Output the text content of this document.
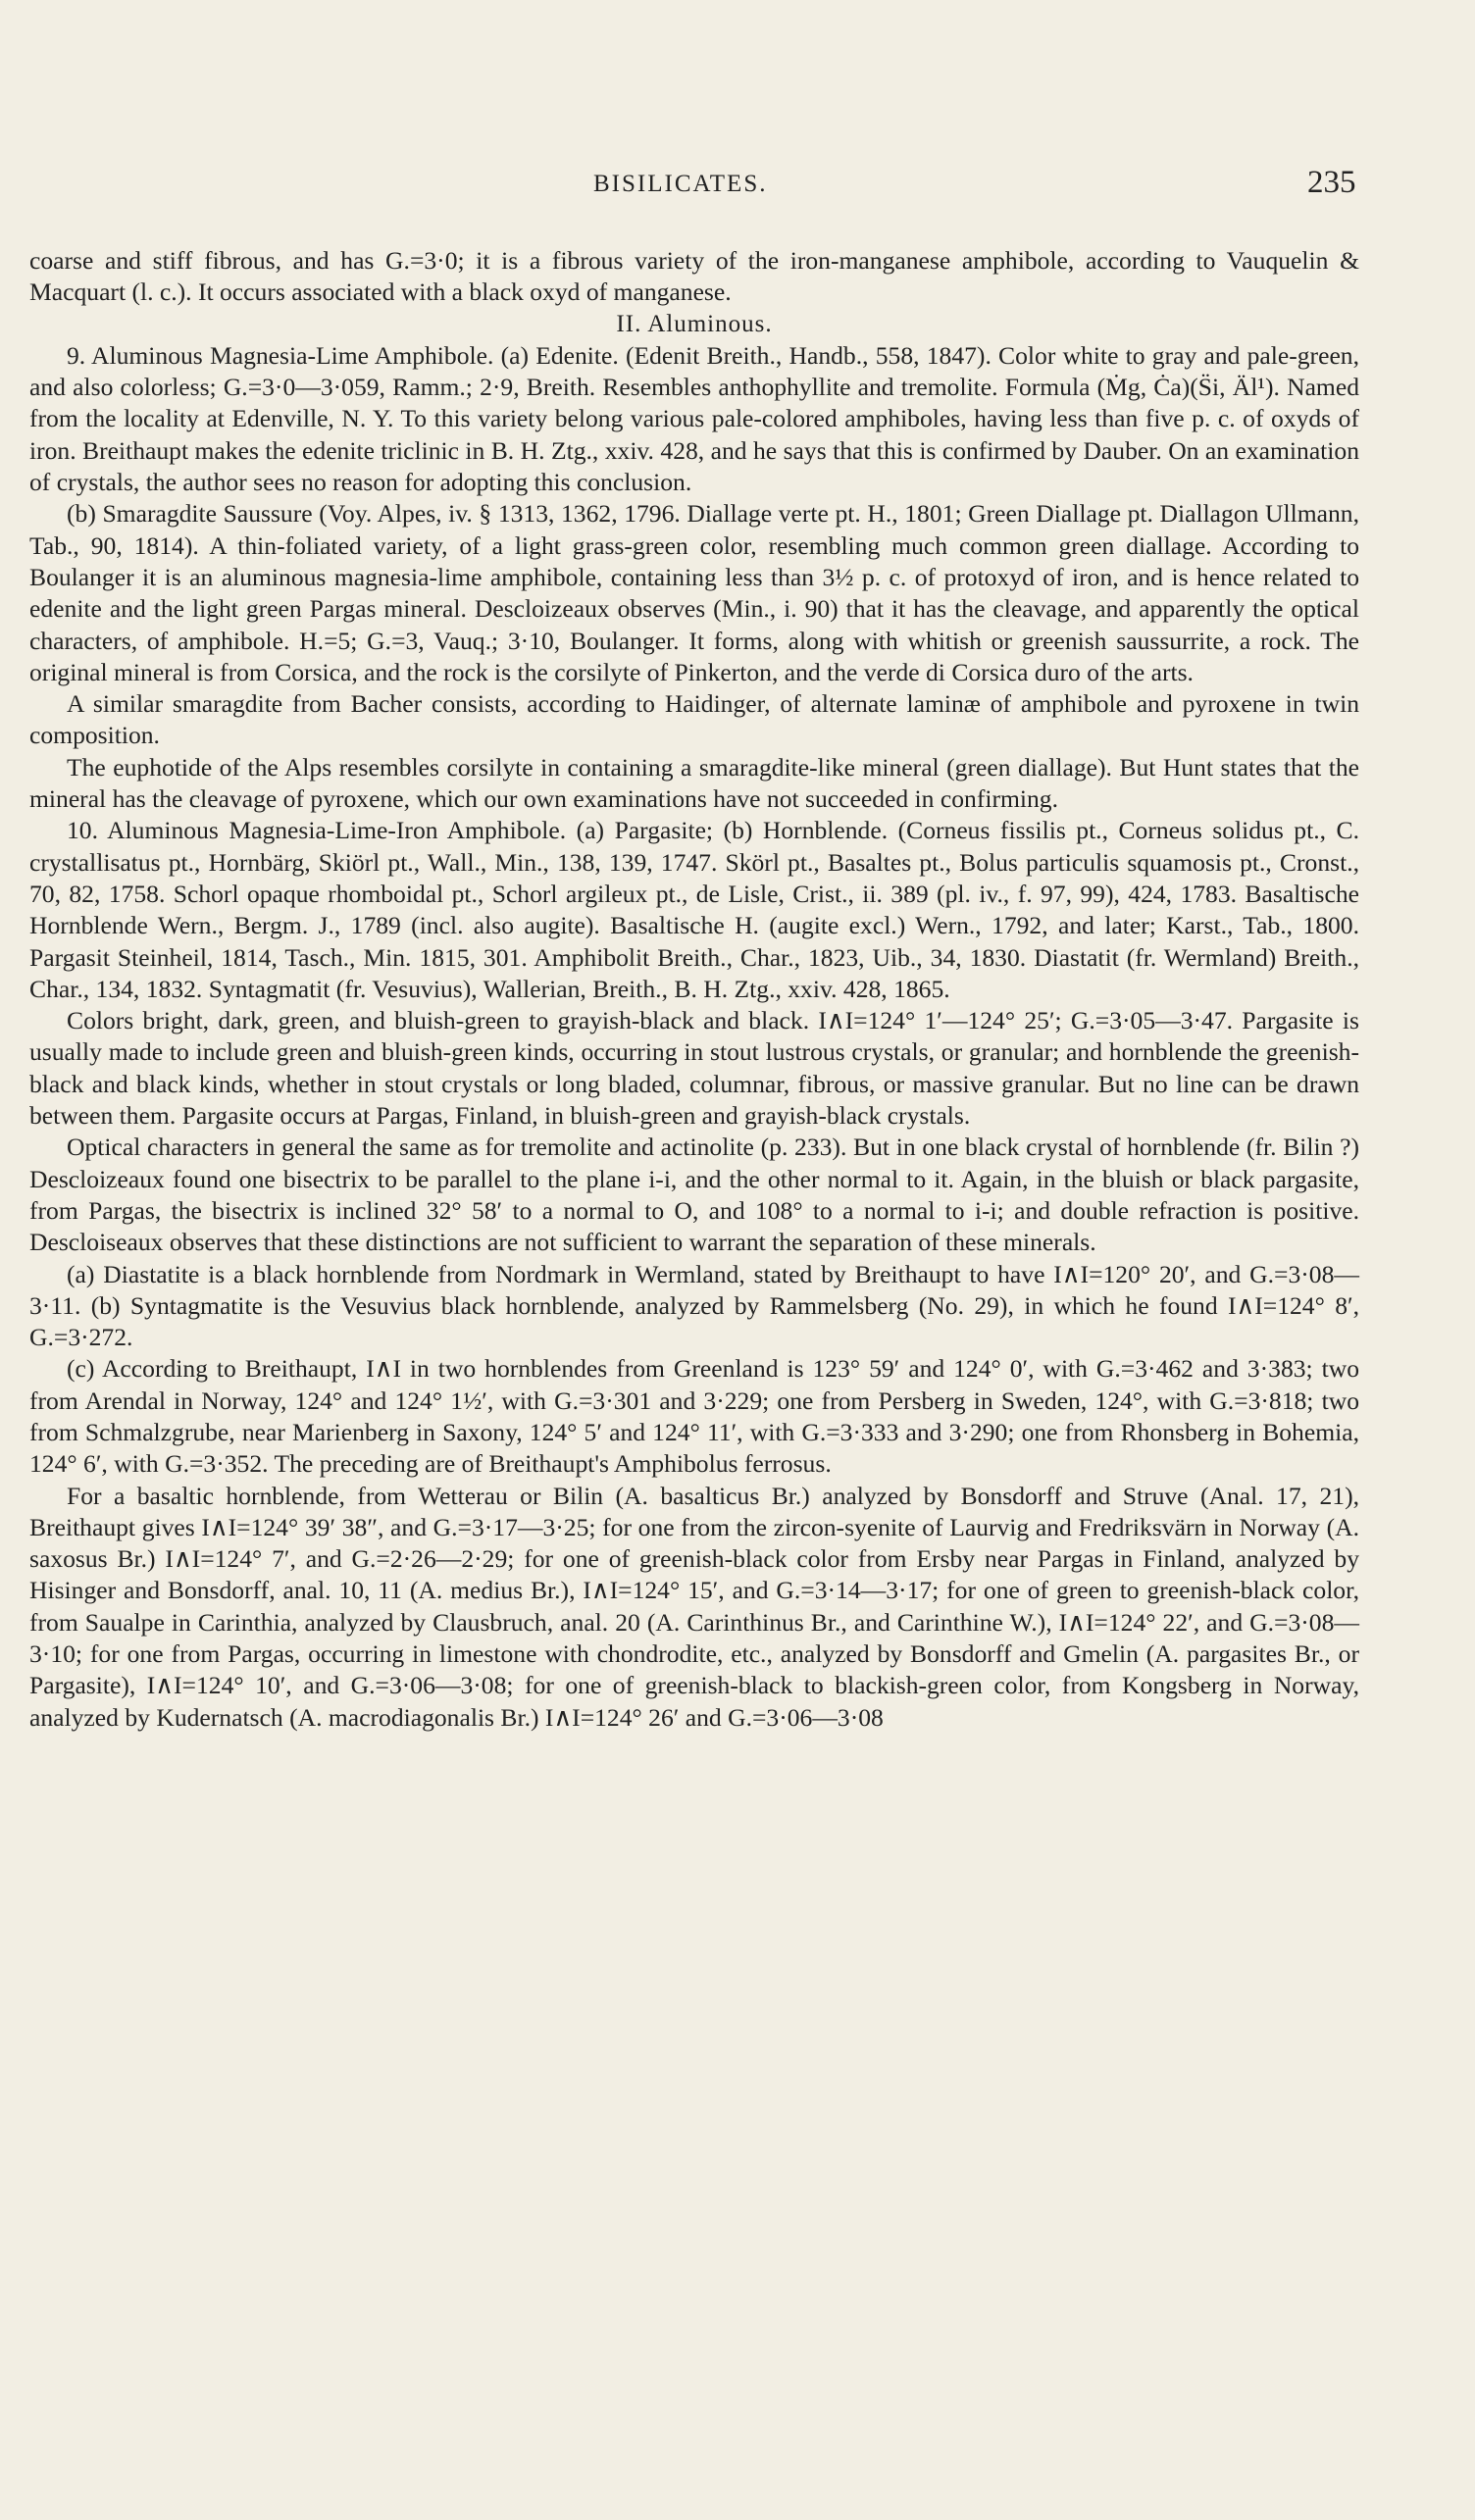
BISILICATES.	235

coarse and stiff fibrous, and has G.=3·0; it is a fibrous variety of the iron-manganese amphibole, according to Vauquelin & Macquart (l. c.). It occurs associated with a black oxyd of manganese.

II. Aluminous.

9. Aluminous Magnesia-Lime Amphibole. (a) Edenite. (Edenit Breith., Handb., 558, 1847). Color white to gray and pale-green, and also colorless; G.=3·0—3·059, Ramm.; 2·9, Breith. Resembles anthophyllite and tremolite. Formula (Ṁg, Ċa)(S̈i, Äl¹). Named from the locality at Edenville, N. Y. To this variety belong various pale-colored amphiboles, having less than five p. c. of oxyds of iron. Breithaupt makes the edenite triclinic in B. H. Ztg., xxiv. 428, and he says that this is confirmed by Dauber. On an examination of crystals, the author sees no reason for adopting this conclusion.

(b) Smaragdite Saussure (Voy. Alpes, iv. § 1313, 1362, 1796. Diallage verte pt. H., 1801; Green Diallage pt. Diallagon Ullmann, Tab., 90, 1814). A thin-foliated variety, of a light grass-green color, resembling much common green diallage. According to Boulanger it is an aluminous magnesia-lime amphibole, containing less than 3½ p. c. of protoxyd of iron, and is hence related to edenite and the light green Pargas mineral. Descloizeaux observes (Min., i. 90) that it has the cleavage, and apparently the optical characters, of amphibole. H.=5; G.=3, Vauq.; 3·10, Boulanger. It forms, along with whitish or greenish saussurrite, a rock. The original mineral is from Corsica, and the rock is the corsilyte of Pinkerton, and the verde di Corsica duro of the arts.

A similar smaragdite from Bacher consists, according to Haidinger, of alternate laminæ of amphibole and pyroxene in twin composition.

The euphotide of the Alps resembles corsilyte in containing a smaragdite-like mineral (green diallage). But Hunt states that the mineral has the cleavage of pyroxene, which our own examinations have not succeeded in confirming.

10. Aluminous Magnesia-Lime-Iron Amphibole. (a) Pargasite; (b) Hornblende. (Corneus fissilis pt., Corneus solidus pt., C. crystallisatus pt., Hornbärg, Skiörl pt., Wall., Min., 138, 139, 1747. Skörl pt., Basaltes pt., Bolus particulis squamosis pt., Cronst., 70, 82, 1758. Schorl opaque rhomboidal pt., Schorl argileux pt., de Lisle, Crist., ii. 389 (pl. iv., f. 97, 99), 424, 1783. Basaltische Hornblende Wern., Bergm. J., 1789 (incl. also augite). Basaltische H. (augite excl.) Wern., 1792, and later; Karst., Tab., 1800. Pargasit Steinheil, 1814, Tasch., Min. 1815, 301. Amphibolit Breith., Char., 1823, Uib., 34, 1830. Diastatit (fr. Wermland) Breith., Char., 134, 1832. Syntagmatit (fr. Vesuvius), Wallerian, Breith., B. H. Ztg., xxiv. 428, 1865.

Colors bright, dark, green, and bluish-green to grayish-black and black. I∧I=124° 1′—124° 25′; G.=3·05—3·47. Pargasite is usually made to include green and bluish-green kinds, occurring in stout lustrous crystals, or granular; and hornblende the greenish-black and black kinds, whether in stout crystals or long bladed, columnar, fibrous, or massive granular. But no line can be drawn between them. Pargasite occurs at Pargas, Finland, in bluish-green and grayish-black crystals.

Optical characters in general the same as for tremolite and actinolite (p. 233). But in one black crystal of hornblende (fr. Bilin ?) Descloizeaux found one bisectrix to be parallel to the plane i-i, and the other normal to it. Again, in the bluish or black pargasite, from Pargas, the bisectrix is inclined 32° 58′ to a normal to O, and 108° to a normal to i-i; and double refraction is positive. Descloiseaux observes that these distinctions are not sufficient to warrant the separation of these minerals.

(a) Diastatite is a black hornblende from Nordmark in Wermland, stated by Breithaupt to have I∧I=120° 20′, and G.=3·08—3·11. (b) Syntagmatite is the Vesuvius black hornblende, analyzed by Rammelsberg (No. 29), in which he found I∧I=124° 8′, G.=3·272.

(c) According to Breithaupt, I∧I in two hornblendes from Greenland is 123° 59′ and 124° 0′, with G.=3·462 and 3·383; two from Arendal in Norway, 124° and 124° 1½′, with G.=3·301 and 3·229; one from Persberg in Sweden, 124°, with G.=3·818; two from Schmalzgrube, near Marienberg in Saxony, 124° 5′ and 124° 11′, with G.=3·333 and 3·290; one from Rhonsberg in Bohemia, 124° 6′, with G.=3·352. The preceding are of Breithaupt's Amphibolus ferrosus.

For a basaltic hornblende, from Wetterau or Bilin (A. basalticus Br.) analyzed by Bonsdorff and Struve (Anal. 17, 21), Breithaupt gives I∧I=124° 39′ 38″, and G.=3·17—3·25; for one from the zircon-syenite of Laurvig and Fredriksvärn in Norway (A. saxosus Br.) I∧I=124° 7′, and G.=2·26—2·29; for one of greenish-black color from Ersby near Pargas in Finland, analyzed by Hisinger and Bonsdorff, anal. 10, 11 (A. medius Br.), I∧I=124° 15′, and G.=3·14—3·17; for one of green to greenish-black color, from Saualpe in Carinthia, analyzed by Clausbruch, anal. 20 (A. Carinthinus Br., and Carinthine W.), I∧I=124° 22′, and G.=3·08—3·10; for one from Pargas, occurring in limestone with chondrodite, etc., analyzed by Bonsdorff and Gmelin (A. pargasites Br., or Pargasite), I∧I=124° 10′, and G.=3·06—3·08; for one of greenish-black to blackish-green color, from Kongsberg in Norway, analyzed by Kudernatsch (A. macrodiagonalis Br.) I∧I=124° 26′ and G.=3·06—3·08
